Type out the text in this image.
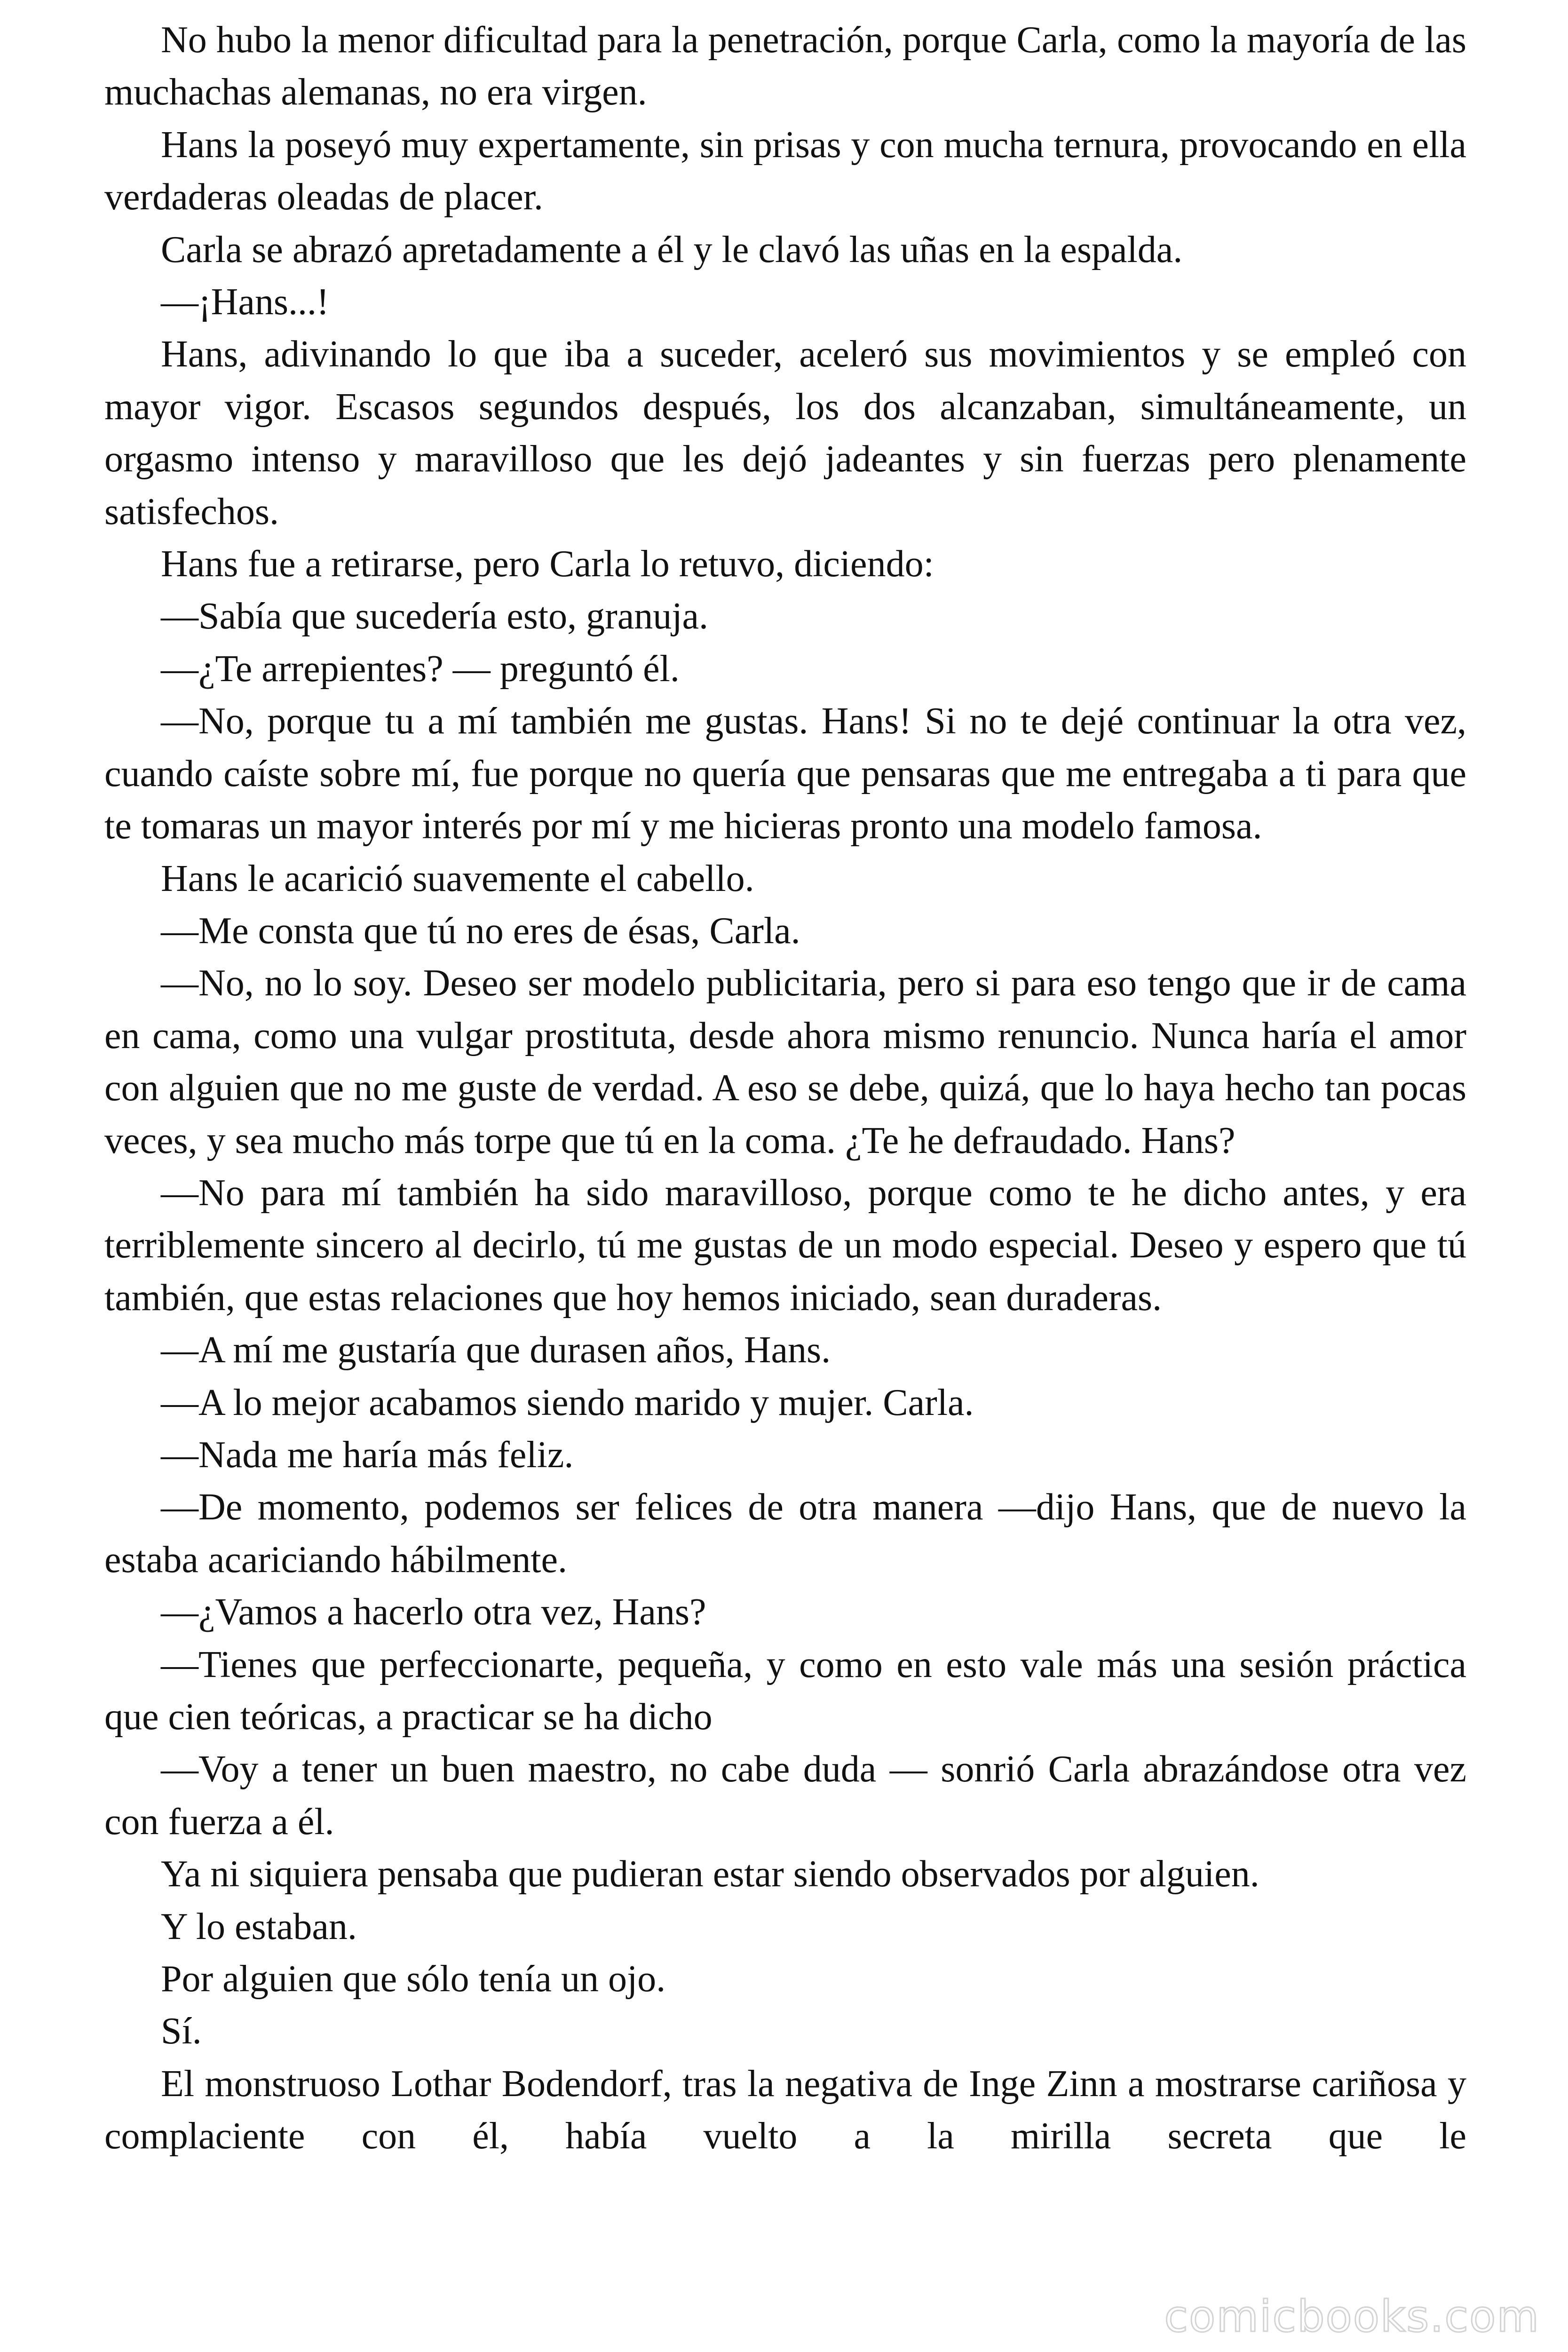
No hubo la menor dificultad para la penetración, porque Carla, como la mayoría de las muchachas alemanas, no era virgen.

Hans la poseyó muy expertamente, sin prisas y con mucha ternura, provocando en ella verdaderas oleadas de placer.

Carla se abrazó apretadamente a él y le clavó las uñas en la espalda.

—¡Hans...!

Hans, adivinando lo que iba a suceder, aceleró sus movimientos y se empleó con mayor vigor. Escasos segundos después, los dos alcanzaban, simultáneamente, un orgasmo intenso y maravilloso que les dejó jadeantes y sin fuerzas pero plenamente satisfechos.

Hans fue a retirarse, pero Carla lo retuvo, diciendo:

—Sabía que sucedería esto, granuja.

—¿Te arrepientes? — preguntó él.

—No, porque tu a mí también me gustas. Hans! Si no te dejé continuar la otra vez, cuando caíste sobre mí, fue porque no quería que pensaras que me entregaba a ti para que te tomaras un mayor interés por mí y me hicieras pronto una modelo famosa.

Hans le acarició suavemente el cabello.

—Me consta que tú no eres de ésas, Carla.

—No, no lo soy. Deseo ser modelo publicitaria, pero si para eso tengo que ir de cama en cama, como una vulgar prostituta, desde ahora mismo renuncio. Nunca haría el amor con alguien que no me guste de verdad. A eso se debe, quizá, que lo haya hecho tan pocas veces, y sea mucho más torpe que tú en la coma. ¿Te he defraudado. Hans?

—No para mí también ha sido maravilloso, porque como te he dicho antes, y era terriblemente sincero al decirlo, tú me gustas de un modo especial. Deseo y espero que tú también, que estas relaciones que hoy hemos iniciado, sean duraderas.

—A mí me gustaría que durasen años, Hans.

—A lo mejor acabamos siendo marido y mujer. Carla.

—Nada me haría más feliz.

—De momento, podemos ser felices de otra manera —dijo Hans, que de nuevo la estaba acariciando hábilmente.

—¿Vamos a hacerlo otra vez, Hans?

—Tienes que perfeccionarte, pequeña, y como en esto vale más una sesión práctica que cien teóricas, a practicar se ha dicho

—Voy a tener un buen maestro, no cabe duda — sonrió Carla abrazándose otra vez con fuerza a él.

Ya ni siquiera pensaba que pudieran estar siendo observados por alguien.

Y lo estaban.

Por alguien que sólo tenía un ojo.

Sí.

El monstruoso Lothar Bodendorf, tras la negativa de Inge Zinn a mostrarse cariñosa y complaciente con él, había vuelto a la mirilla secreta que le

comicbooks.com
